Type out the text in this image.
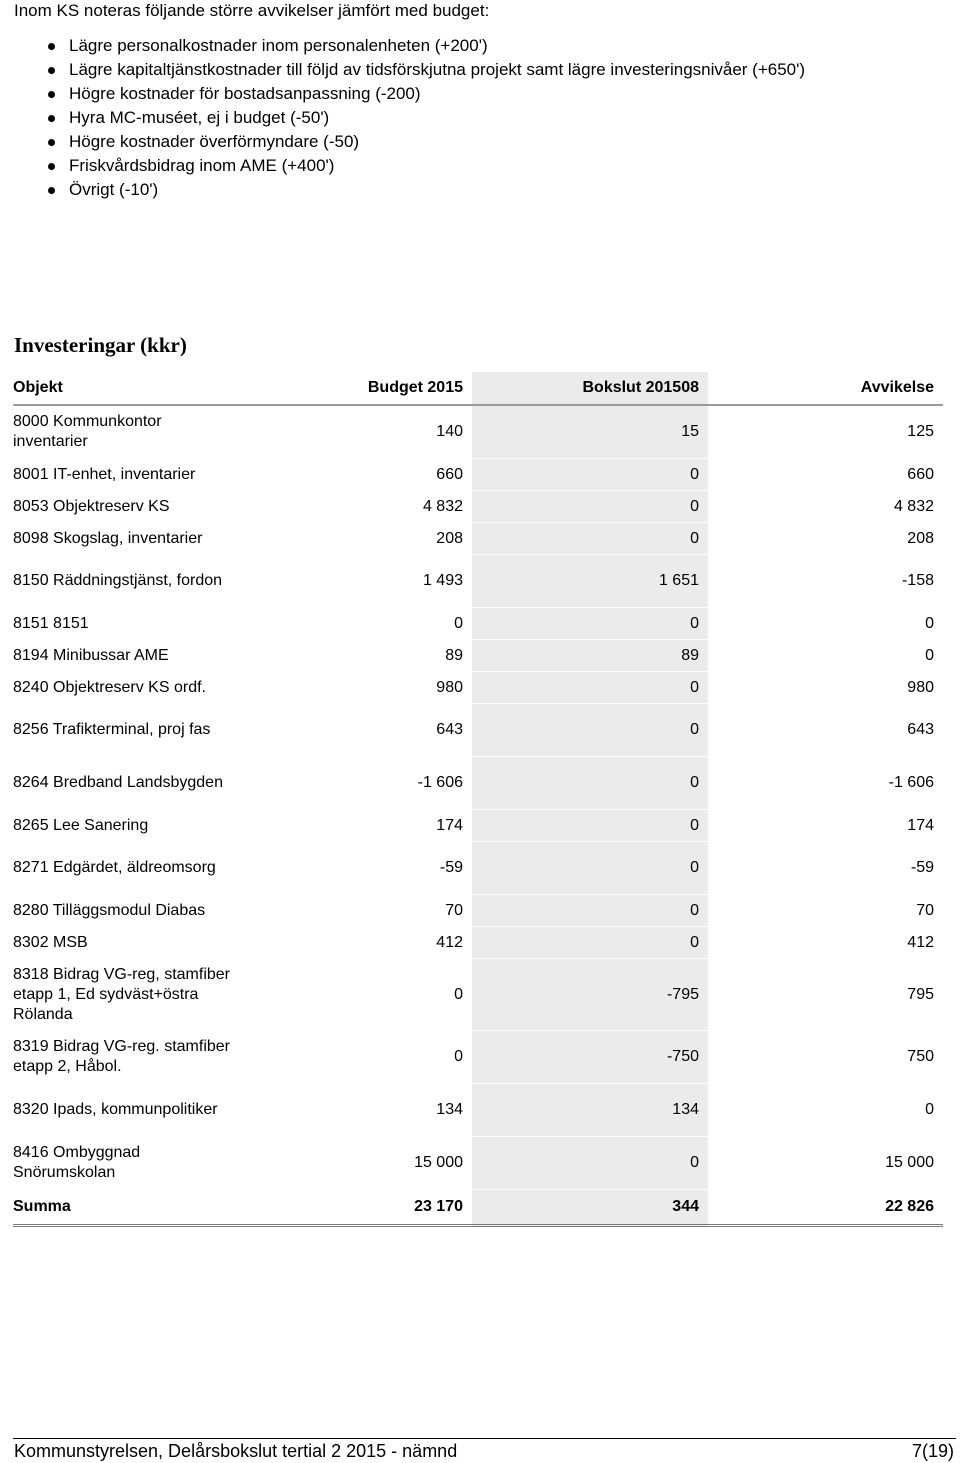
Inom KS noteras följande större avvikelser jämfört med budget:

Lägre personalkostnader inom personalenheten (+200')
Lägre kapitaltjänstkostnader till följd av tidsförskjutna projekt samt lägre investeringsnivåer (+650')
Högre kostnader för bostadsanpassning (-200)
Hyra MC-muséet, ej i budget (-50')
Högre kostnader överförmyndare (-50)
Friskvårdsbidrag inom AME (+400')
Övrigt (-10')
Investeringar (kkr)
Objekt	Budget 2015	Bokslut 201508	Avvikelse
8000 Kommunkontor inventarier	140	15	125
8001 IT-enhet, inventarier	660	0	660
8053 Objektreserv KS	4 832	0	4 832
8098 Skogslag, inventarier	208	0	208
8150 Räddningstjänst, fordon	1 493	1 651	-158
8151 8151	0	0	0
8194 Minibussar AME	89	89	0
8240 Objektreserv KS ordf.	980	0	980
8256 Trafikterminal, proj fas	643	0	643
8264 Bredband Landsbygden	-1 606	0	-1 606
8265 Lee Sanering	174	0	174
8271 Edgärdet, äldreomsorg	-59	0	-59
8280 Tilläggsmodul Diabas	70	0	70
8302 MSB	412	0	412
8318 Bidrag VG-reg, stamfiber etapp 1, Ed sydväst+östra Rölanda	0	-795	795
8319 Bidrag VG-reg. stamfiber etapp 2, Håbol.	0	-750	750
8320 Ipads, kommunpolitiker	134	134	0
8416 Ombyggnad Snörumskolan	15 000	0	15 000
Summa	23 170	344	22 826
Kommunstyrelsen, Delårsbokslut tertial 2 2015 - nämnd	7(19)
